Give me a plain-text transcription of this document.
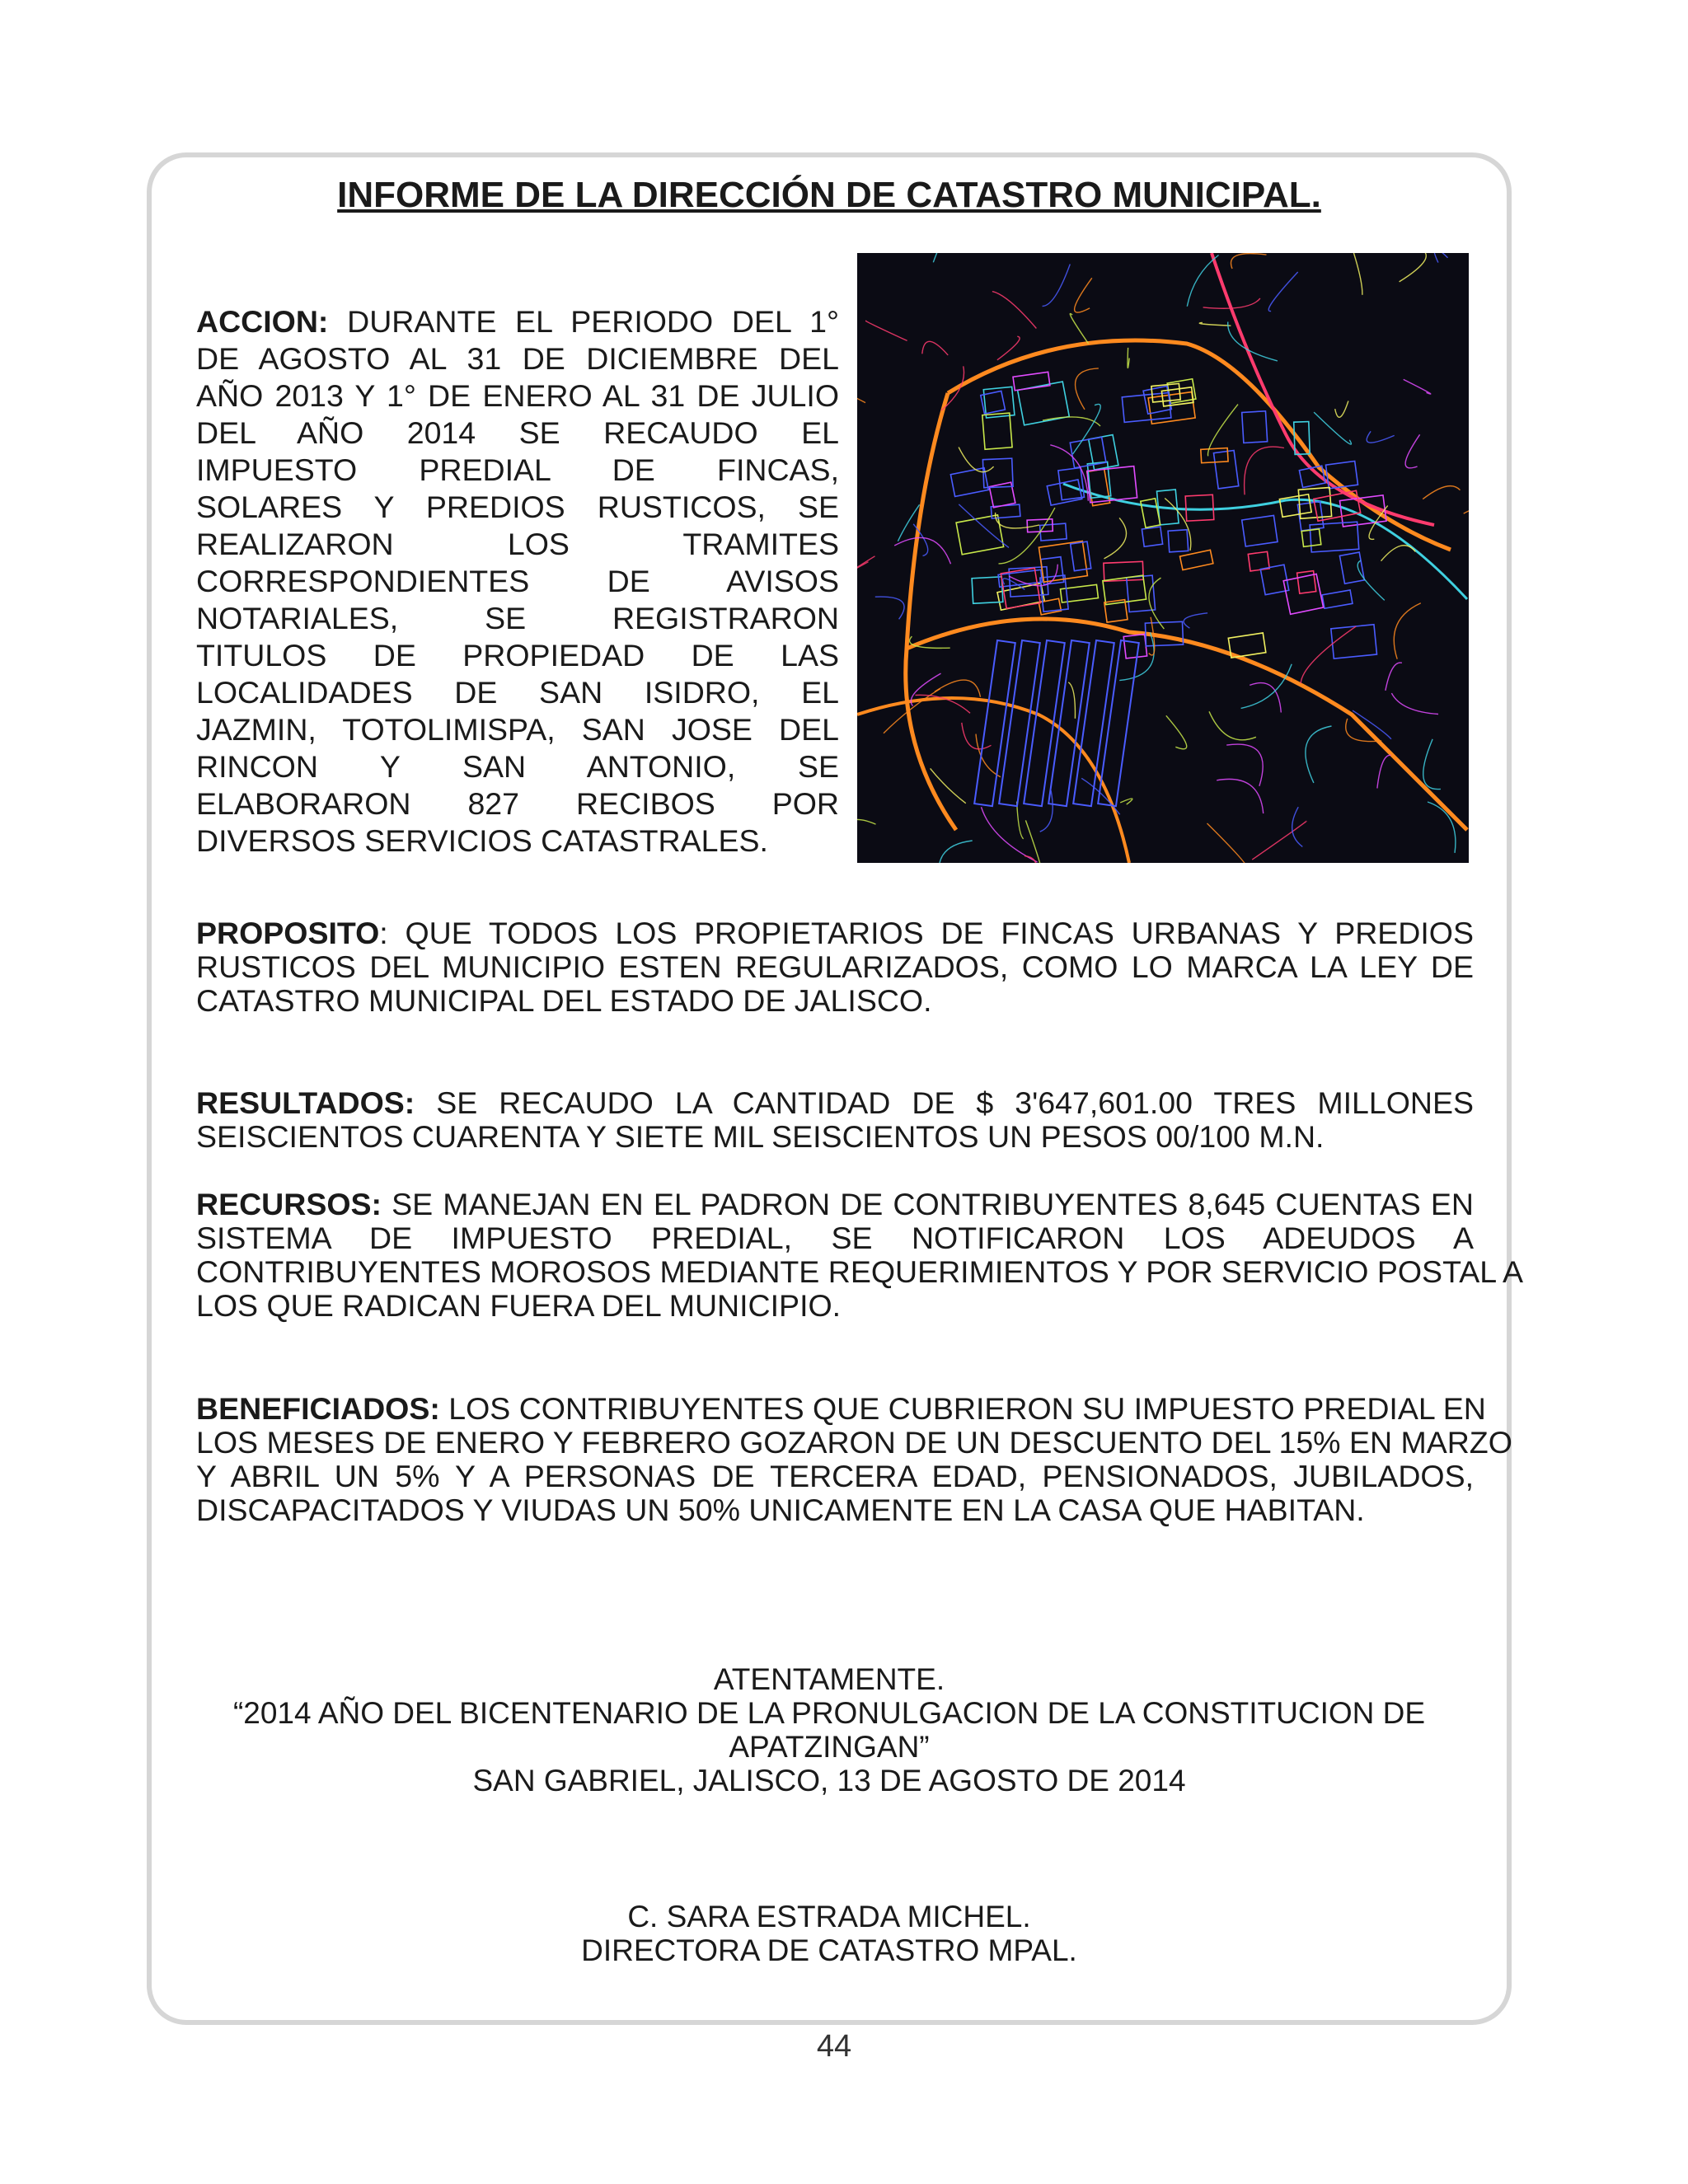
INFORME DE LA DIRECCIÓN DE CATASTRO MUNICIPAL.
ACCION: DURANTE EL PERIODO DEL 1°
DE AGOSTO AL 31 DE DICIEMBRE DEL
AÑO 2013 Y 1° DE ENERO AL 31 DE JULIO
DEL AÑO 2014 SE RECAUDO EL
IMPUESTO PREDIAL DE FINCAS,
SOLARES Y PREDIOS RUSTICOS, SE
REALIZARON LOS TRAMITES
CORRESPONDIENTES DE AVISOS
NOTARIALES, SE REGISTRARON
TITULOS DE PROPIEDAD DE LAS
LOCALIDADES DE SAN ISIDRO, EL
JAZMIN, TOTOLIMISPA, SAN JOSE DEL
RINCON Y SAN ANTONIO, SE
ELABORARON 827 RECIBOS POR
DIVERSOS SERVICIOS CATASTRALES.
PROPOSITO: QUE TODOS LOS PROPIETARIOS DE FINCAS URBANAS Y PREDIOS
RUSTICOS DEL MUNICIPIO ESTEN REGULARIZADOS, COMO LO MARCA LA LEY DE
CATASTRO MUNICIPAL DEL ESTADO DE JALISCO.
RESULTADOS: SE RECAUDO LA CANTIDAD DE $ 3'647,601.00 TRES MILLONES
SEISCIENTOS CUARENTA Y SIETE MIL SEISCIENTOS UN PESOS 00/100 M.N.
RECURSOS: SE MANEJAN EN EL PADRON DE CONTRIBUYENTES 8,645 CUENTAS EN
SISTEMA DE IMPUESTO PREDIAL, SE NOTIFICARON LOS ADEUDOS A
CONTRIBUYENTES MOROSOS MEDIANTE REQUERIMIENTOS Y POR SERVICIO POSTAL A
LOS QUE RADICAN FUERA DEL MUNICIPIO.
BENEFICIADOS: LOS CONTRIBUYENTES QUE CUBRIERON SU IMPUESTO PREDIAL EN
LOS MESES DE ENERO Y FEBRERO GOZARON DE UN DESCUENTO DEL 15% EN MARZO
Y ABRIL UN 5% Y A PERSONAS DE TERCERA EDAD, PENSIONADOS, JUBILADOS,
DISCAPACITADOS Y VIUDAS UN 50% UNICAMENTE EN LA CASA QUE HABITAN.
ATENTAMENTE.
“2014 AÑO DEL BICENTENARIO DE LA PRONULGACION DE LA CONSTITUCION DE
APATZINGAN”
SAN GABRIEL, JALISCO, 13 DE AGOSTO DE 2014
C. SARA ESTRADA MICHEL.
DIRECTORA DE CATASTRO MPAL.
44
